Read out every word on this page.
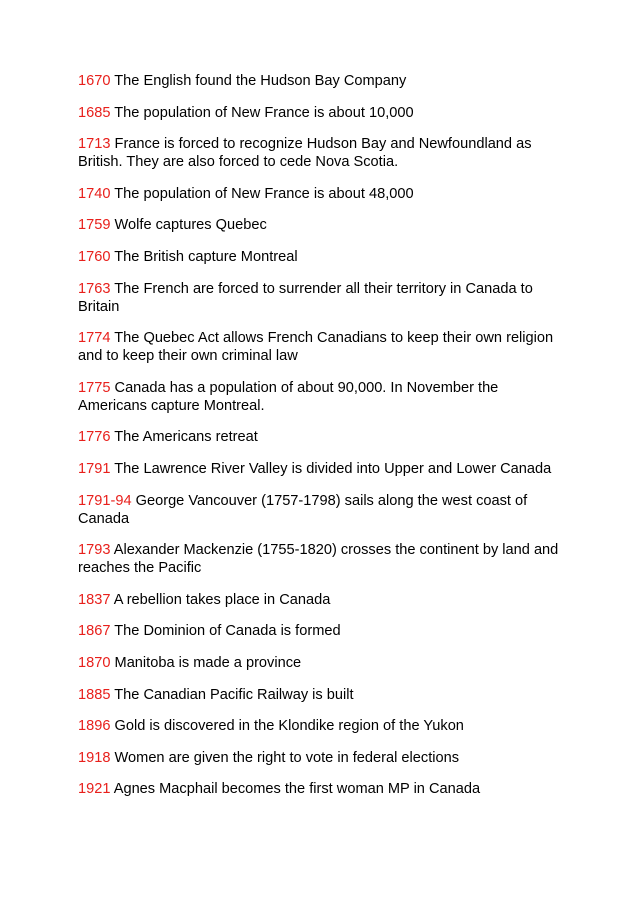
1670 The English found the Hudson Bay Company

1685 The population of New France is about 10,000

1713 France is forced to recognize Hudson Bay and Newfoundland as British. They are also forced to cede Nova Scotia.

1740 The population of New France is about 48,000

1759 Wolfe captures Quebec

1760 The British capture Montreal

1763 The French are forced to surrender all their territory in Canada to Britain

1774 The Quebec Act allows French Canadians to keep their own religion and to keep their own criminal law

1775 Canada has a population of about 90,000. In November the Americans capture Montreal.

1776 The Americans retreat

1791 The Lawrence River Valley is divided into Upper and Lower Canada

1791-94 George Vancouver (1757-1798) sails along the west coast of Canada

1793 Alexander Mackenzie (1755-1820) crosses the continent by land and reaches the Pacific

1837 A rebellion takes place in Canada

1867 The Dominion of Canada is formed

1870 Manitoba is made a province

1885 The Canadian Pacific Railway is built

1896 Gold is discovered in the Klondike region of the Yukon

1918 Women are given the right to vote in federal elections

1921 Agnes Macphail becomes the first woman MP in Canada
